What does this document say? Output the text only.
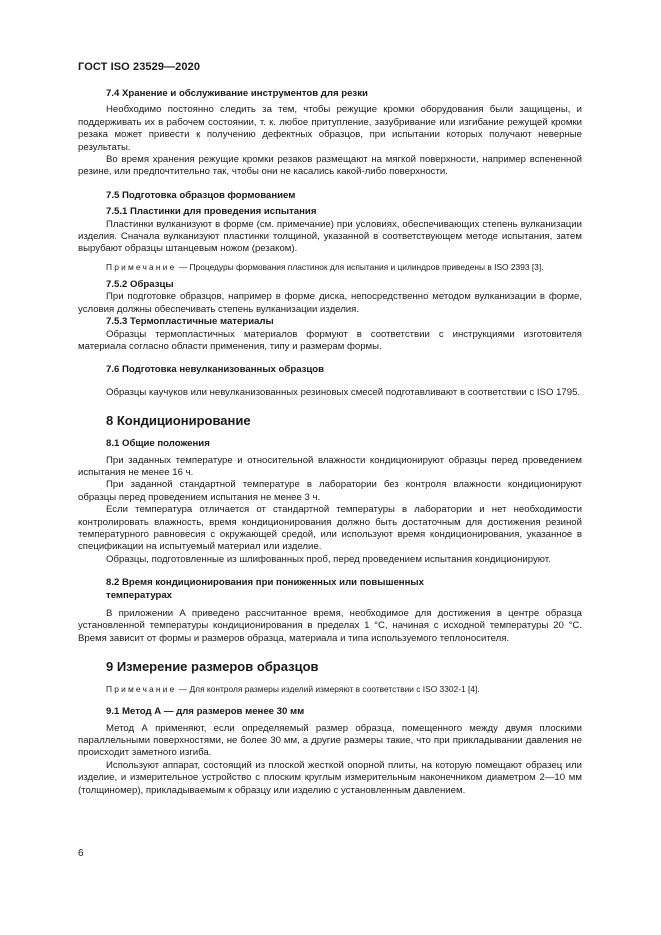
ГОСТ ISO 23529—2020
7.4 Хранение и обслуживание инструментов для резки

Необходимо постоянно следить за тем, чтобы режущие кромки оборудования были защищены, и поддерживать их в рабочем состоянии, т. к. любое притупление, зазубривание или изгибание режущей кромки резака может привести к получению дефектных образцов, при испытании которых получают неверные результаты.

Во время хранения режущие кромки резаков размещают на мягкой поверхности, например вспененной резине, или предпочтительно так, чтобы они не касались какой-либо поверхности.

7.5 Подготовка образцов формованием
7.5.1 Пластинки для проведения испытания

Пластинки вулканизуют в форме (см. примечание) при условиях, обеспечивающих степень вулканизации изделия. Сначала вулканизуют пластинки толщиной, указанной в соответствующем методе испытания, затем вырубают образцы штанцевым ножом (резаком).

Примечание — Процедуры формования пластинок для испытания и цилиндров приведены в ISO 2393 [3].
7.5.2 Образцы

При подготовке образцов, например в форме диска, непосредственно методом вулканизации в форме, условия должны обеспечивать степень вулканизации изделия.

7.5.3 Термопластичные материалы

Образцы термопластичных материалов формуют в соответствии с инструкциями изготовителя материала согласно области применения, типу и размерам формы.

7.6 Подготовка невулканизованных образцов

Образцы каучуков или невулканизованных резиновых смесей подготавливают в соответствии с ISO 1795.

8 Кондиционирование
8.1 Общие положения

При заданных температуре и относительной влажности кондиционируют образцы перед проведением испытания не менее 16 ч.

При заданной стандартной температуре в лаборатории без контроля влажности кондиционируют образцы перед проведением испытания не менее 3 ч.

Если температура отличается от стандартной температуры в лаборатории и нет необходимости контролировать влажность, время кондиционирования должно быть достаточным для достижения резиной температурного равновесия с окружающей средой, или используют время кондиционирования, указанное в спецификации на испытуемый материал или изделие.

Образцы, подготовленные из шлифованных проб, перед проведением испытания кондиционируют.

8.2 Время кондиционирования при пониженных или повышенных
температурах

В приложении А приведено рассчитанное время, необходимое для достижения в центре образца установленной температуры кондиционирования в пределах 1 °С, начиная с исходной температуры 20 °С. Время зависит от формы и размеров образца, материала и типа используемого теплоносителя.

9 Измерение размеров образцов
Примечание — Для контроля размеры изделий измеряют в соответствии с ISO 3302-1 [4].
9.1 Метод А — для размеров менее 30 мм

Метод А применяют, если определяемый размер образца, помещенного между двумя плоскими параллельными поверхностями, не более 30 мм, а другие размеры такие, что при прикладывании давления не происходит заметного изгиба.

Используют аппарат, состоящий из плоской жесткой опорной плиты, на которую помещают образец или изделие, и измерительное устройство с плоским круглым измерительным наконечником диаметром 2—10 мм (толщиномер), прикладываемым к образцу или изделию с установленным давлением.

6
